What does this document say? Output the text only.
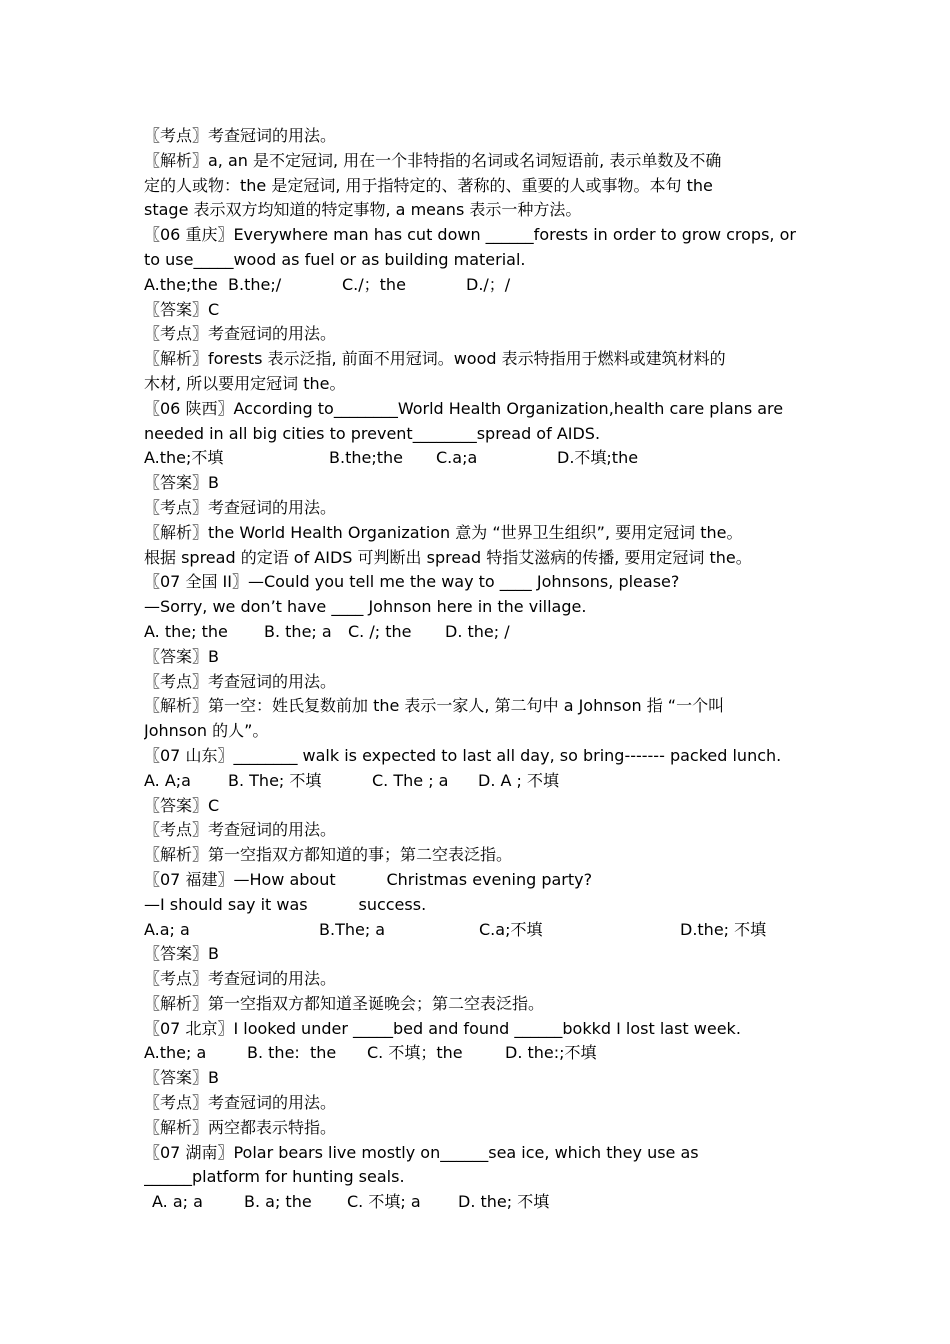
〖考点〗考查冠词的用法。
〖解析〗a, an 是不定冠词, 用在一个非特指的名词或名词短语前, 表示单数及不确
定的人或物：the 是定冠词, 用于指特定的、著称的、重要的人或事物。本句 the
stage 表示双方均知道的特定事物, a means 表示一种方法。
〖06 重庆〗Everywhere man has cut down ______forests in order to grow crops, or
to use_____wood as fuel or as building material.
A.the;the B.the;/	C./；the	D./；/
〖答案〗C
〖考点〗考查冠词的用法。
〖解析〗forests 表示泛指, 前面不用冠词。wood 表示特指用于燃料或建筑材料的
木材, 所以要用定冠词 the。
〖06 陕西〗According to________World Health Organization,health care plans are
needed in all big cities to prevent________spread of AIDS.
A.the;不填	B.the;the	C.a;a	D.不填;the
〖答案〗B
〖考点〗考查冠词的用法。
〖解析〗the World Health Organization 意为 “世界卫生组织”, 要用定冠词 the。
根据 spread 的定语 of AIDS 可判断出 spread 特指艾滋病的传播, 要用定冠词 the。
〖07 全国 II〗—Could you tell me the way to ____ Johnsons, please?
—Sorry, we don’t have ____ Johnson here in the village.
A. the; the	B. the; a	C. /; the	D. the; /
〖答案〗B
〖考点〗考查冠词的用法。
〖解析〗第一空：姓氏复数前加 the 表示一家人, 第二句中 a Johnson 指 “一个叫
Johnson 的人”。
〖07 山东〗________ walk is expected to last all day, so bring------- packed lunch.
A. A;a	B. The; 不填	C. The ; a	D. A ; 不填
〖答案〗C
〖考点〗考查冠词的用法。
〖解析〗第一空指双方都知道的事；第二空表泛指。
〖07 福建〗—How about          Christmas evening party?
—I should say it was          success.
A.a; a	B.The; a	C.a;不填	D.the; 不填
〖答案〗B
〖考点〗考查冠词的用法。
〖解析〗第一空指双方都知道圣诞晚会；第二空表泛指。
〖07 北京〗I looked under _____bed and found ______bokkd I lost last week.
A.the; a	B. the:  the	C. 不填；the	D. the:;不填
〖答案〗B
〖考点〗考查冠词的用法。
〖解析〗两空都表示特指。
〖07 湖南〗Polar bears live mostly on______sea ice, which they use as
______platform for hunting seals.
A. a; a	B. a; the	C. 不填; a	D. the; 不填
